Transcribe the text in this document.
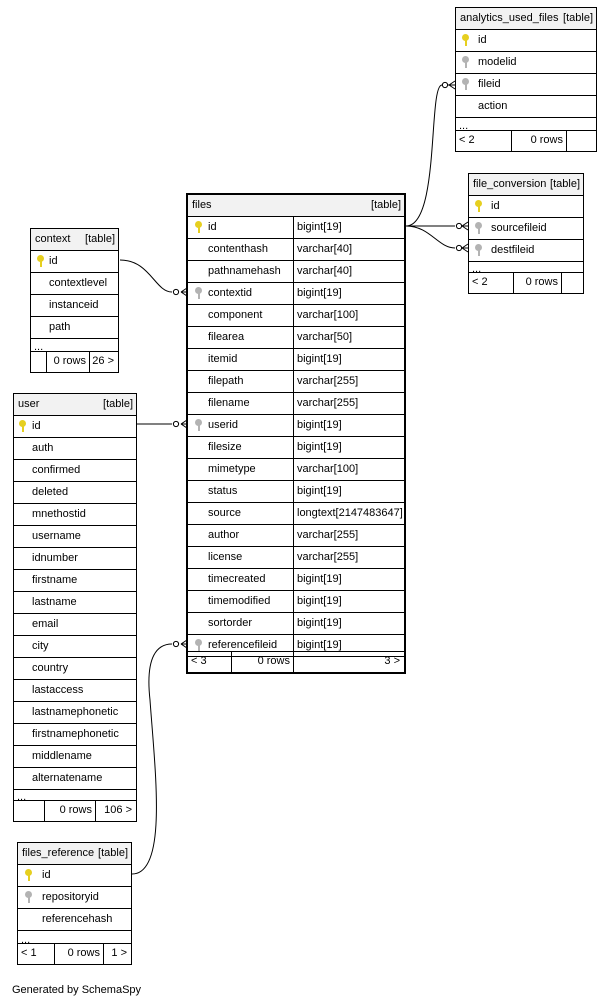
analytics_used_files [table]
id
modelid
fileid
action
...
< 2	0 rows
file_conversion [table]
id
sourcefileid
destfileid
...
< 2	0 rows
context [table]
id
contextlevel
instanceid
path
...
0 rows 26 >
files	[table]
id	bigint[19]
contenthash	varchar[40]
pathnamehash varchar[40]
contextid	bigint[19]
component	varchar[100]
filearea	varchar[50]
itemid	bigint[19]
filepath	varchar[255]
filename	varchar[255]
userid	bigint[19]
filesize	bigint[19]
mimetype	varchar[100]
status	bigint[19]
source	longtext[2147483647]
author	varchar[255]
license	varchar[255]
timecreated	bigint[19]
timemodified bigint[19]
sortorder	bigint[19]
referencefileid bigint[19]
< 3	0 rows	3 >
user	[table]
id
auth
confirmed
deleted
mnethostid
username
idnumber
firstname
lastname
email
city
country
lastaccess
lastnamephonetic
firstnamephonetic
middlename
alternatename
...
0 rows 106 >
files_reference [table]
id
repositoryid
referencehash
...
< 1	0 rows 1 >
Generated by SchemaSpy
